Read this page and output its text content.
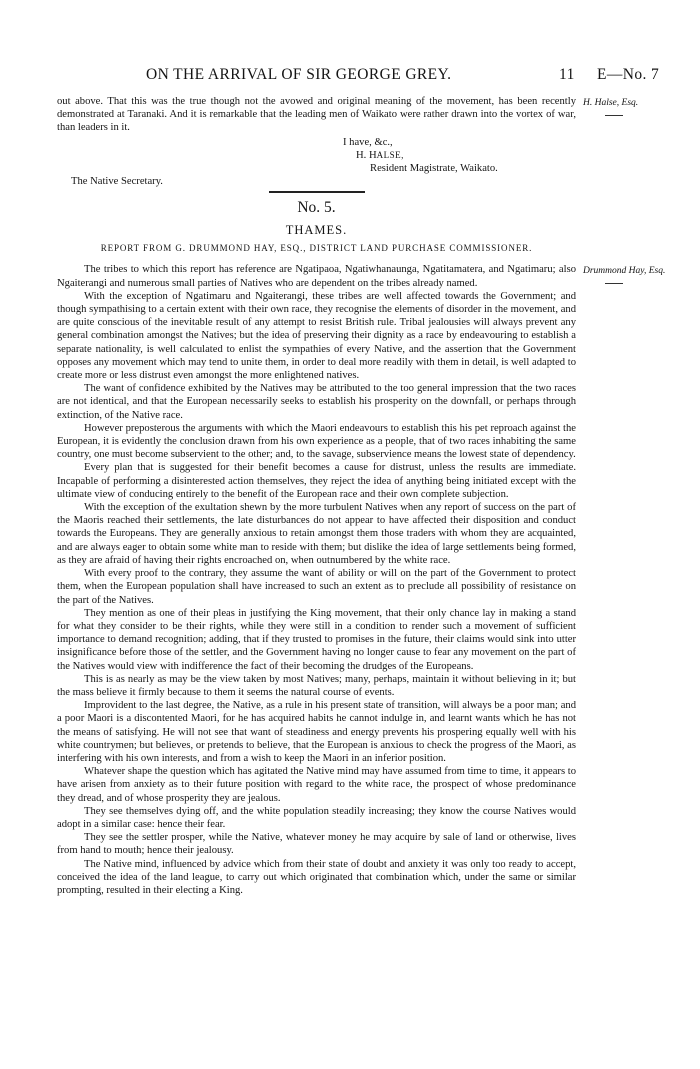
ON THE ARRIVAL OF SIR GEORGE GREY.	11 E—No. 7
H. Halse, Esq.
Drummond Hay, Esq.

out above. That this was the true though not the avowed and original meaning of the movement, has been recently demonstrated at Taranaki. And it is remarkable that the leading men of Waikato were rather drawn into the vortex of war, than leaders in it.

I have, &c.,
H. HALSE,
Resident Magistrate, Waikato.
The Native Secretary.
No. 5.
THAMES.
REPORT FROM G. DRUMMOND HAY, ESQ., DISTRICT LAND PURCHASE COMMISSIONER.

The tribes to which this report has reference are Ngatipaoa, Ngatiwhanaunga, Ngatitamatera, and Ngatimaru; also Ngaiterangi and numerous small parties of Natives who are dependent on the tribes already named.

With the exception of Ngatimaru and Ngaiterangi, these tribes are well affected towards the Government; and though sympathising to a certain extent with their own race, they recognise the elements of disorder in the movement, and are quite conscious of the inevitable result of any attempt to resist British rule. Tribal jealousies will always prevent any general combination amongst the Natives; but the idea of preserving their dignity as a race by endeavouring to establish a separate nationality, is well calculated to enlist the sympathies of every Native, and the assertion that the Government opposes any movement which may tend to unite them, in order to deal more readily with them in detail, is well adapted to create more or less distrust even amongst the more enlightened natives.

The want of confidence exhibited by the Natives may be attributed to the too general impression that the two races are not identical, and that the European necessarily seeks to establish his prosperity on the downfall, or perhaps through extinction, of the Native race.

However preposterous the arguments with which the Maori endeavours to establish this his pet reproach against the European, it is evidently the conclusion drawn from his own experience as a people, that of two races inhabiting the same country, one must become subservient to the other; and, to the savage, subservience means the lowest state of dependency.

Every plan that is suggested for their benefit becomes a cause for distrust, unless the results are immediate. Incapable of performing a disinterested action themselves, they reject the idea of anything being initiated except with the ultimate view of conducing entirely to the benefit of the European race and their own complete subjection.

With the exception of the exultation shewn by the more turbulent Natives when any report of success on the part of the Maoris reached their settlements, the late disturbances do not appear to have affected their disposition and conduct towards the Europeans. They are generally anxious to retain amongst them those traders with whom they are acquainted, and are always eager to obtain some white man to reside with them; but dislike the idea of large settlements being formed, as they are afraid of having their rights encroached on, when outnumbered by the white race.

With every proof to the contrary, they assume the want of ability or will on the part of the Government to protect them, when the European population shall have increased to such an extent as to preclude all possibility of resistance on the part of the Natives.

They mention as one of their pleas in justifying the King movement, that their only chance lay in making a stand for what they consider to be their rights, while they were still in a condition to render such a movement of sufficient importance to demand recognition; adding, that if they trusted to promises in the future, their claims would sink into utter insignificance before those of the settler, and the Government having no longer cause to fear any movement on the part of the Natives would view with indifference the fact of their becoming the drudges of the Europeans.

This is as nearly as may be the view taken by most Natives; many, perhaps, maintain it without believing in it; but the mass believe it firmly because to them it seems the natural course of events.

Improvident to the last degree, the Native, as a rule in his present state of transition, will always be a poor man; and a poor Maori is a discontented Maori, for he has acquired habits he cannot indulge in, and learnt wants which he has not the means of satisfying. He will not see that want of steadiness and energy prevents his prospering equally well with his white countrymen; but believes, or pretends to believe, that the European is anxious to check the progress of the Maori, as interfering with his own interests, and from a wish to keep the Maori in an inferior position.

Whatever shape the question which has agitated the Native mind may have assumed from time to time, it appears to have arisen from anxiety as to their future position with regard to the white race, the prospect of whose predominance they dread, and of whose prosperity they are jealous.

They see themselves dying off, and the white population steadily increasing; they know the course Natives would adopt in a similar case: hence their fear.

They see the settler prosper, while the Native, whatever money he may acquire by sale of land or otherwise, lives from hand to mouth; hence their jealousy.

The Native mind, influenced by advice which from their state of doubt and anxiety it was only too ready to accept, conceived the idea of the land league, to carry out which originated that combination which, under the same or similar prompting, resulted in their electing a King.
